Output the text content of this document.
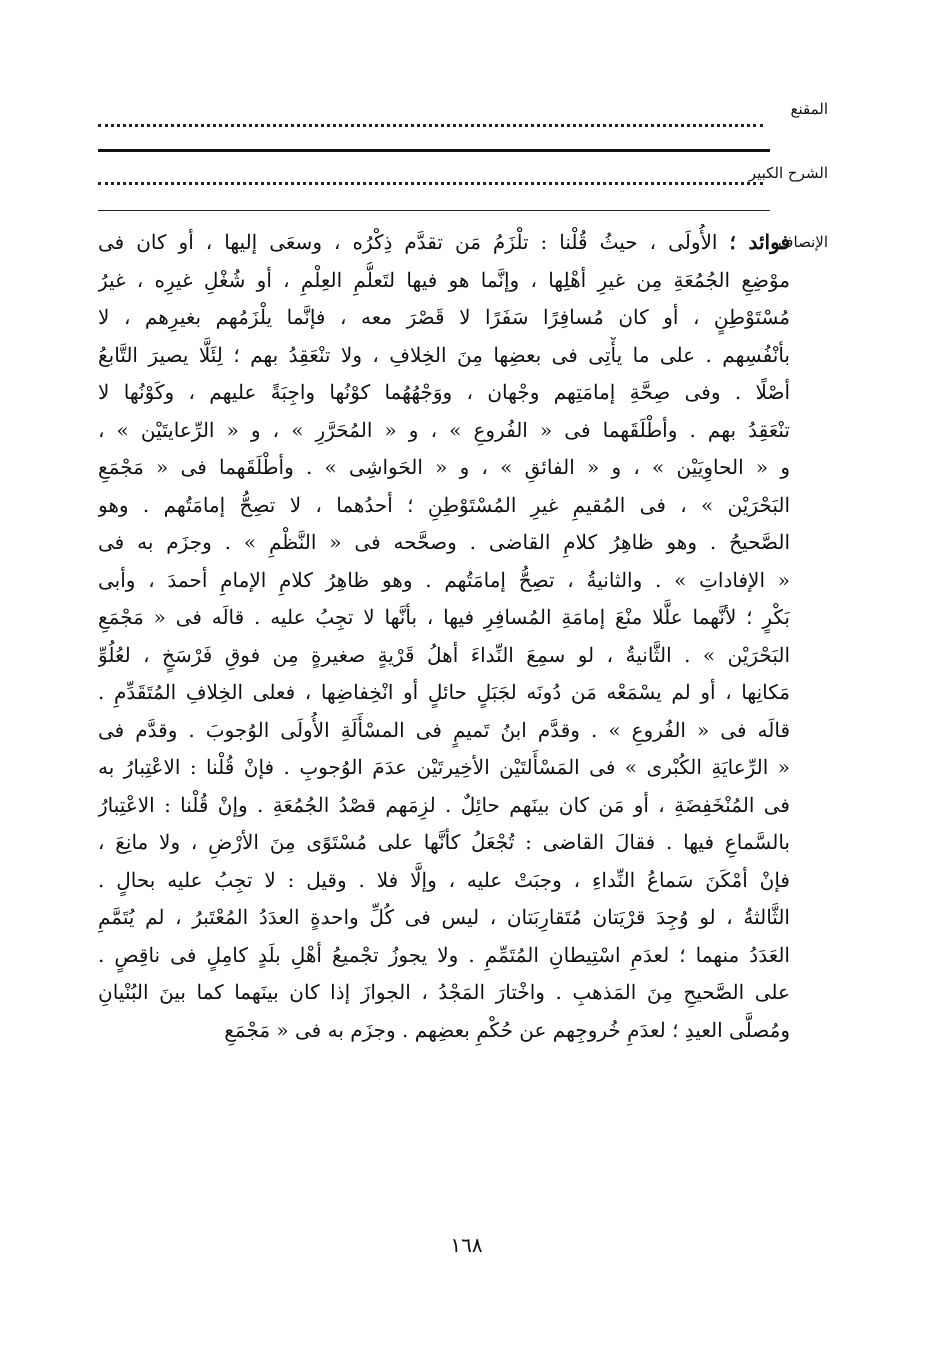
المقنع
الشرح الكبير
الإنصاف
فوائد ؛ الأُولَى ، حيثُ قُلْنا : تلْزَمُ مَن تقدَّم ذِكْرُه ، وسعَى إليها ، أو كان فى
موْضِعِ الجُمُعَةِ مِن غيرِ أهْلِها ، وإنَّما هو فيها لتَعلُّمِ العِلْمِ ، أو شُغْلِ غيرِه ، غيرُ
مُسْتَوْطِنٍ ، أو كان مُسافِرًا سَفَرًا لا قَصْرَ معه ، فإنَّما يلْزَمُهم بغيرِهم ، لا
بأنْفُسِهم . على ما يأْتِى فى بعضِها مِنَ الخِلافِ ، ولا تنْعَقِدُ بهم ؛ لِئَلَّا يصيرَ التَّابعُ
أصْلًا . وفى صِحَّةِ إمامَتِهم وجْهان ، ووَجْهُهُما كوْنُها واجِبَةً عليهم ، وكَوْنُها لا
تنْعَقِدُ بهم . وأطْلَقَهما فى « الفُروعِ » ، و « المُحَرَّرِ » ، و « الرِّعايتَيْن » ،
و « الحاوِيَيْن » ، و « الفائقِ » ، و « الحَواشِى » . وأطْلَقَهما فى « مَجْمَعِ
البَحْرَيْن » ، فى المُقيمِ غيرِ المُسْتَوْطِنِ ؛ أحدُهما ، لا تصِحُّ إمامَتُهم . وهو
الصَّحيحُ . وهو ظاهِرُ كلامِ القاضى . وصحَّحه فى « النَّظْمِ » . وجزَم به فى
« الإفاداتِ » . والثانيةُ ، تصِحُّ إمامَتُهم . وهو ظاهِرُ كلامِ الإمامِ أحمدَ ، وأبى
بَكْرٍ ؛ لأنَّهما علَّلا منْعَ إمامَةِ المُسافِرِ فيها ، بأنَّها لا تجِبُ عليه . قالَه فى « مَجْمَعِ
البَحْرَيْن » . الثَّانيةُ ، لو سمِعَ النِّداءَ أهلُ قَرْيةٍ صغيرةٍ مِن فوقِ فَرْسَخٍ ، لعُلُوِّ
مَكانِها ، أو لم يسْمَعْه مَن دُونَه لجَبَلٍ حائلٍ أو انْخِفاضِها ، فعلى الخِلافِ المُتَقَدِّمِ .
قالَه فى « الفُروعِ » . وقدَّم ابنُ تَميمٍ فى المسْأَلَةِ الأُولَى الوُجوبَ . وقدَّم فى
« الرِّعايَةِ الكُبْرى » فى المَسْأَلتَيْن الأخِيرتَيْن عدَمَ الوُجوبِ . فإنْ قُلْنا : الاعْتِبارُ به
فى المُنْخَفِضَةِ ، أو مَن كان بينَهم حائِلٌ . لزِمَهم قصْدُ الجُمُعَةِ . وإنْ قُلْنا : الاعْتِبارُ
بالسَّماعِ فيها . فقالَ القاضى : تُجْعَلُ كأنَّها على مُسْتَوًى مِنَ الأرْضِ ، ولا مانِعَ ،
فإنْ أمْكَنَ سَماعُ النِّداءِ ، وجبَتْ عليه ، وإلَّا فلا . وقيل : لا تجِبُ عليه بحالٍ .
الثَّالثةُ ، لو وُجِدَ قرْيَتان مُتَقارِبَتان ، ليس فى كُلِّ واحدةٍ العدَدُ المُعْتَبرُ ، لم يُتَمَّمِ
العَدَدُ منهما ؛ لعدَمِ اسْتِيطانِ المُتَمِّمِ . ولا يجوزُ تجْميعُ أهْلِ بلَدٍ كامِلٍ فى ناقِصٍ .
على الصَّحيحِ مِنَ المَذهبِ . واخْتارَ المَجْدُ ، الجوازَ إذا كان بينَهما كما بينَ البُنْيانِ
ومُصلَّى العيدِ ؛ لعدَمِ خُروجِهم عن حُكْمِ بعضِهم . وجزَم به فى « مَجْمَعِ
١٦٨
